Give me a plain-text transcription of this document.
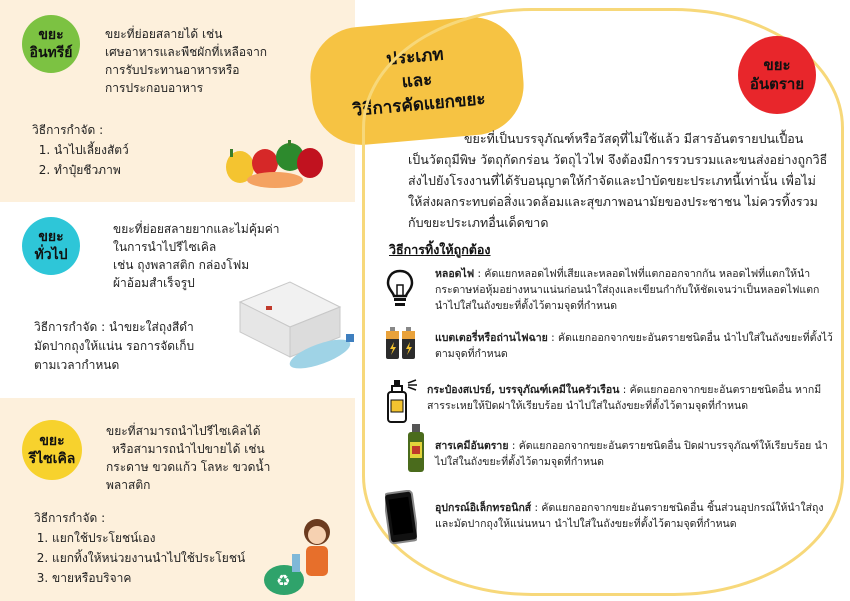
ขยะ
อินทรีย์
ขยะที่ย่อยสลายได้ เช่น
เศษอาหารและพืชผักที่เหลือจาก
การรับประทานอาหารหรือ
การประกอบอาหาร
วิธีการกำจัด :
1. นำไปเลี้ยงสัตว์
2. ทำปุ๋ยชีวภาพ
ขยะ
ทั่วไป
ขยะที่ย่อยสลายยากและไม่คุ้มค่า
ในการนำไปรีไซเคิล
เช่น ถุงพลาสติก กล่องโฟม
ผ้าอ้อมสำเร็จรูป
วิธีการกำจัด : นำขยะใส่ถุงสีดำ
มัดปากถุงให้แน่น รอการจัดเก็บ
ตามเวลากำหนด
ขยะ
รีไซเคิล
ขยะที่สามารถนำไปรีไซเคิลได้
หรือสามารถนำไปขายได้ เช่น
กระดาษ ขวดแก้ว โลหะ ขวดน้ำ
พลาสติก
วิธีการกำจัด :
1. แยกใช้ประโยชน์เอง
2. แยกทิ้งให้หน่วยงานนำไปใช้ประโยชน์
3. ขายหรือบริจาค	♻
ประเภท
และ
วิธีการคัดแยกขยะ
ขยะ
อันตราย
ขยะที่เป็นบรรจุภัณฑ์หรือวัสดุที่ไม่ใช้แล้ว มีสารอันตรายปนเปื้อน เป็นวัตถุมีพิษ วัตถุกัดกร่อน วัตถุไวไฟ จึงต้องมีการรวบรวมและขนส่งอย่างถูกวิธี ส่งไปยังโรงงานที่ได้รับอนุญาตให้กำจัดและบำบัดขยะประเภทนี้เท่านั้น เพื่อไม่ให้ส่งผลกระทบต่อสิ่งแวดล้อมและสุขภาพอนามัยของประชาชน ไม่ควรทิ้งรวมกับขยะประเภทอื่นเด็ดขาด
วิธีการทิ้งให้ถูกต้อง
หลอดไฟ : คัดแยกหลอดไฟที่เสียและหลอดไฟที่แตกออกจากกัน หลอดไฟที่แตกให้นำกระดาษห่อหุ้มอย่างหนาแน่นก่อนนำใส่ถุงและเขียนกำกับให้ชัดเจนว่าเป็นหลอดไฟแตก นำไปใส่ในถังขยะที่ตั้งไว้ตามจุดที่กำหนด
แบตเตอรี่หรือถ่านไฟฉาย : คัดแยกออกจากขยะอันตรายชนิดอื่น นำไปใส่ในถังขยะที่ตั้งไว้ตามจุดที่กำหนด
กระป๋องสเปรย์, บรรจุภัณฑ์เคมีในครัวเรือน : คัดแยกออกจากขยะอันตรายชนิดอื่น หากมีสารระเหยให้ปิดฝาให้เรียบร้อย นำไปใส่ในถังขยะที่ตั้งไว้ตามจุดที่กำหนด
สารเคมีอันตราย : คัดแยกออกจากขยะอันตรายชนิดอื่น ปิดฝาบรรจุภัณฑ์ให้เรียบร้อย นำไปใส่ในถังขยะที่ตั้งไว้ตามจุดที่กำหนด
อุปกรณ์อิเล็กทรอนิกส์ : คัดแยกออกจากขยะอันตรายชนิดอื่น ชิ้นส่วนอุปกรณ์ให้นำใส่ถุงและมัดปากถุงให้แน่นหนา นำไปใส่ในถังขยะที่ตั้งไว้ตามจุดที่กำหนด
